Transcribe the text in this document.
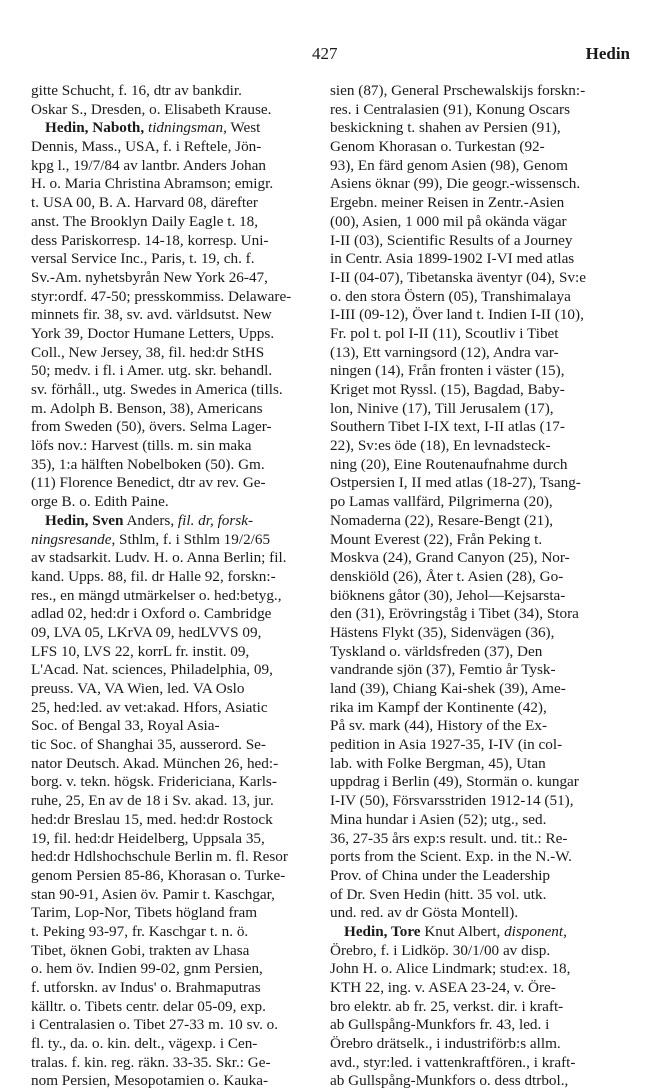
427	Hedin
gitte Schucht, f. 16, dtr av bankdir.
Oskar S., Dresden, o. Elisabeth Krause.
Hedin, Naboth, tidningsman, West
Dennis, Mass., USA, f. i Reftele, Jön-
kpg l., 19/7/84 av lantbr. Anders Johan
H. o. Maria Christina Abramson; emigr.
t. USA 00, B. A. Harvard 08, därefter
anst. The Brooklyn Daily Eagle t. 18,
dess Pariskorresp. 14-18, korresp. Uni-
versal Service Inc., Paris, t. 19, ch. f.
Sv.-Am. nyhetsbyrån New York 26-47,
styr:ordf. 47-50; presskommiss. Delaware-
minnets fir. 38, sv. avd. världsutst. New
York 39, Doctor Humane Letters, Upps.
Coll., New Jersey, 38, fil. hed:dr StHS
50; medv. i fl. i Amer. utg. skr. behandl.
sv. förhåll., utg. Swedes in America (tills.
m. Adolph B. Benson, 38), Americans
from Sweden (50), övers. Selma Lager-
löfs nov.: Harvest (tills. m. sin maka
35), 1:a hälften Nobelboken (50). Gm.
(11) Florence Benedict, dtr av rev. Ge-
orge B. o. Edith Paine.
Hedin, Sven Anders, fil. dr, forsk-
ningsresande, Sthlm, f. i Sthlm 19/2/65
av stadsarkit. Ludv. H. o. Anna Berlin; fil.
kand. Upps. 88, fil. dr Halle 92, forskn:-
res., en mängd utmärkelser o. hed:betyg.,
adlad 02, hed:dr i Oxford o. Cambridge
09, LVA 05, LKrVA 09, hedLVVS 09,
LFS 10, LVS 22, korrL fr. instit. 09,
L'Acad. Nat. sciences, Philadelphia, 09,
preuss. VA, VA Wien, led. VA Oslo
25, hed:led. av vet:akad. Hfors, Asiatic
Soc. of Bengal 33, Royal Asia-
tic Soc. of Shanghai 35, ausserord. Se-
nator Deutsch. Akad. München 26, hed:-
borg. v. tekn. högsk. Fridericiana, Karls-
ruhe, 25, En av de 18 i Sv. akad. 13, jur.
hed:dr Breslau 15, med. hed:dr Rostock
19, fil. hed:dr Heidelberg, Uppsala 35,
hed:dr Hdlshochschule Berlin m. fl. Resor
genom Persien 85-86, Khorasan o. Turke-
stan 90-91, Asien öv. Pamir t. Kaschgar,
Tarim, Lop-Nor, Tibets högland fram
t. Peking 93-97, fr. Kaschgar t. n. ö.
Tibet, öknen Gobi, trakten av Lhasa
o. hem öv. Indien 99-02, gnm Persien,
f. utforskn. av Indus' o. Brahmaputras
källtr. o. Tibets centr. delar 05-09, exp.
i Centralasien o. Tibet 27-33 m. 10 sv. o.
fl. ty., da. o. kin. delt., vägexp. i Cen-
tralas. f. kin. reg. räkn. 33-35. Skr.: Ge-
nom Persien, Mesopotamien o. Kauka-
sien (87), General Prschewalskijs forskn:-
res. i Centralasien (91), Konung Oscars
beskickning t. shahen av Persien (91),
Genom Khorasan o. Turkestan (92-
93), En färd genom Asien (98), Genom
Asiens öknar (99), Die geogr.-wissensch.
Ergebn. meiner Reisen in Zentr.-Asien
(00), Asien, 1 000 mil på okända vägar
I-II (03), Scientific Results of a Journey
in Centr. Asia 1899-1902 I-VI med atlas
I-II (04-07), Tibetanska äventyr (04), Sv:e
o. den stora Östern (05), Transhimalaya
I-III (09-12), Över land t. Indien I-II (10),
Fr. pol t. pol I-II (11), Scoutliv i Tibet
(13), Ett varningsord (12), Andra var-
ningen (14), Från fronten i väster (15),
Kriget mot Ryssl. (15), Bagdad, Baby-
lon, Ninive (17), Till Jerusalem (17),
Southern Tibet I-IX text, I-II atlas (17-
22), Sv:es öde (18), En levnadsteck-
ning (20), Eine Routenaufnahme durch
Ostpersien I, II med atlas (18-27), Tsang-
po Lamas vallfärd, Pilgrimerna (20),
Nomaderna (22), Resare-Bengt (21),
Mount Everest (22), Från Peking t.
Moskva (24), Grand Canyon (25), Nor-
denskiöld (26), Åter t. Asien (28), Go-
biöknens gåtor (30), Jehol—Kejsarsta-
den (31), Erövringståg i Tibet (34), Stora
Hästens Flykt (35), Sidenvägen (36),
Tyskland o. världsfreden (37), Den
vandrande sjön (37), Femtio år Tysk-
land (39), Chiang Kai-shek (39), Ame-
rika im Kampf der Kontinente (42),
På sv. mark (44), History of the Ex-
pedition in Asia 1927-35, I-IV (in col-
lab. with Folke Bergman, 45), Utan
uppdrag i Berlin (49), Stormän o. kungar
I-IV (50), Försvarsstriden 1912-14 (51),
Mina hundar i Asien (52); utg., sed.
36, 27-35 års exp:s result. und. tit.: Re-
ports from the Scient. Exp. in the N.-W.
Prov. of China under the Leadership
of Dr. Sven Hedin (hitt. 35 vol. utk.
und. red. av dr Gösta Montell).
Hedin, Tore Knut Albert, disponent,
Örebro, f. i Lidköp. 30/1/00 av disp.
John H. o. Alice Lindmark; stud:ex. 18,
KTH 22, ing. v. ASEA 23-24, v. Öre-
bro elektr. ab fr. 25, verkst. dir. i kraft-
ab Gullspång-Munkfors fr. 43, led. i
Örebro drätselk., i industriförb:s allm.
avd., styr:led. i vattenkraftfören., i kraft-
ab Gullspång-Munkfors o. dess dtrbol.,
